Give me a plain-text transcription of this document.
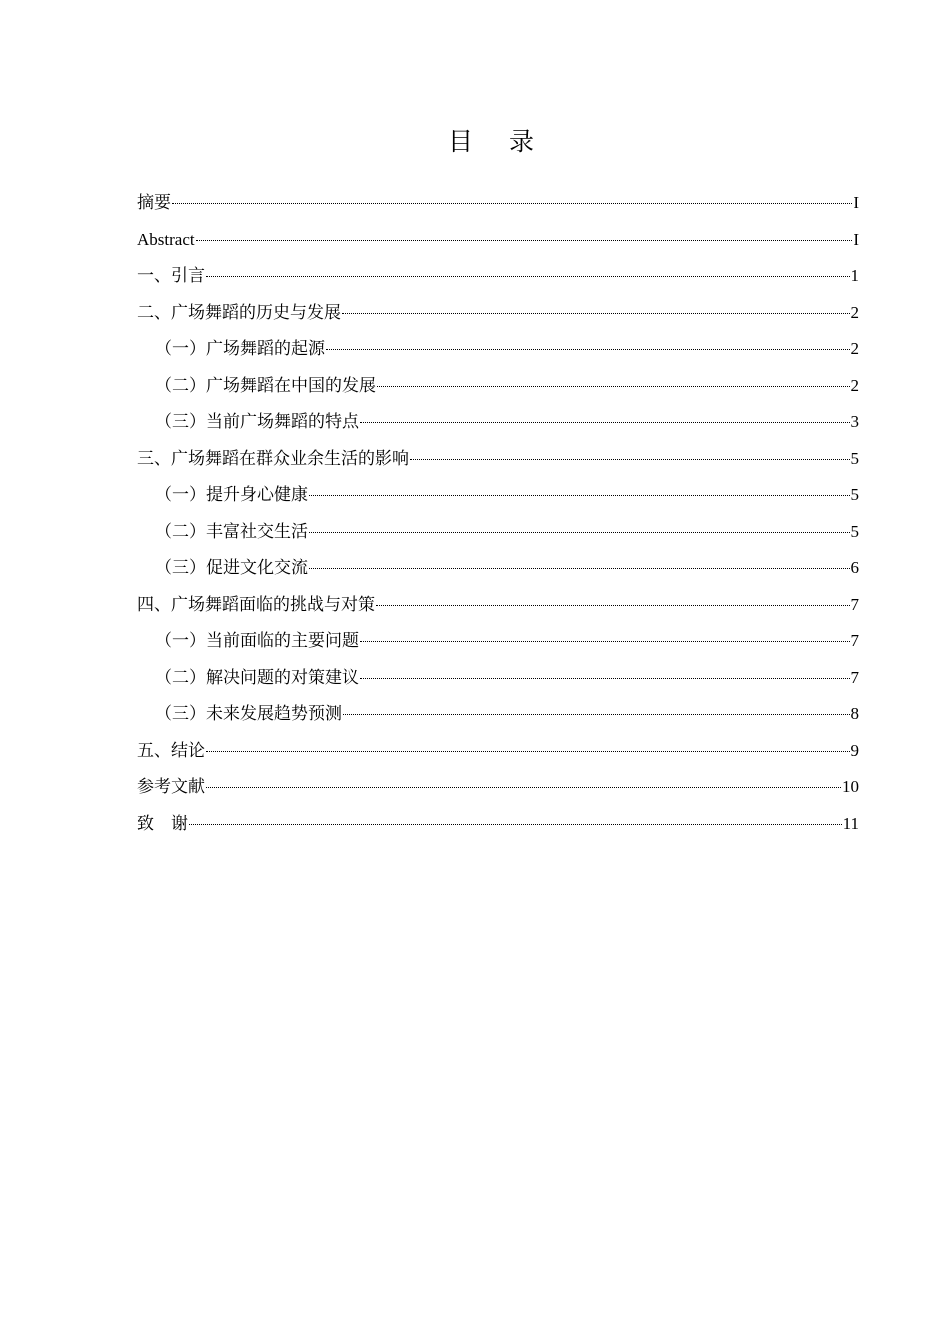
目 录
摘要	I
Abstract	I
一、引言	1
二、广场舞蹈的历史与发展	2
（一）广场舞蹈的起源	2
（二）广场舞蹈在中国的发展	2
（三）当前广场舞蹈的特点	3
三、广场舞蹈在群众业余生活的影响	5
（一）提升身心健康	5
（二）丰富社交生活	5
（三）促进文化交流	6
四、广场舞蹈面临的挑战与对策	7
（一）当前面临的主要问题	7
（二）解决问题的对策建议	7
（三）未来发展趋势预测	8
五、结论	9
参考文献	10
致　谢	11
